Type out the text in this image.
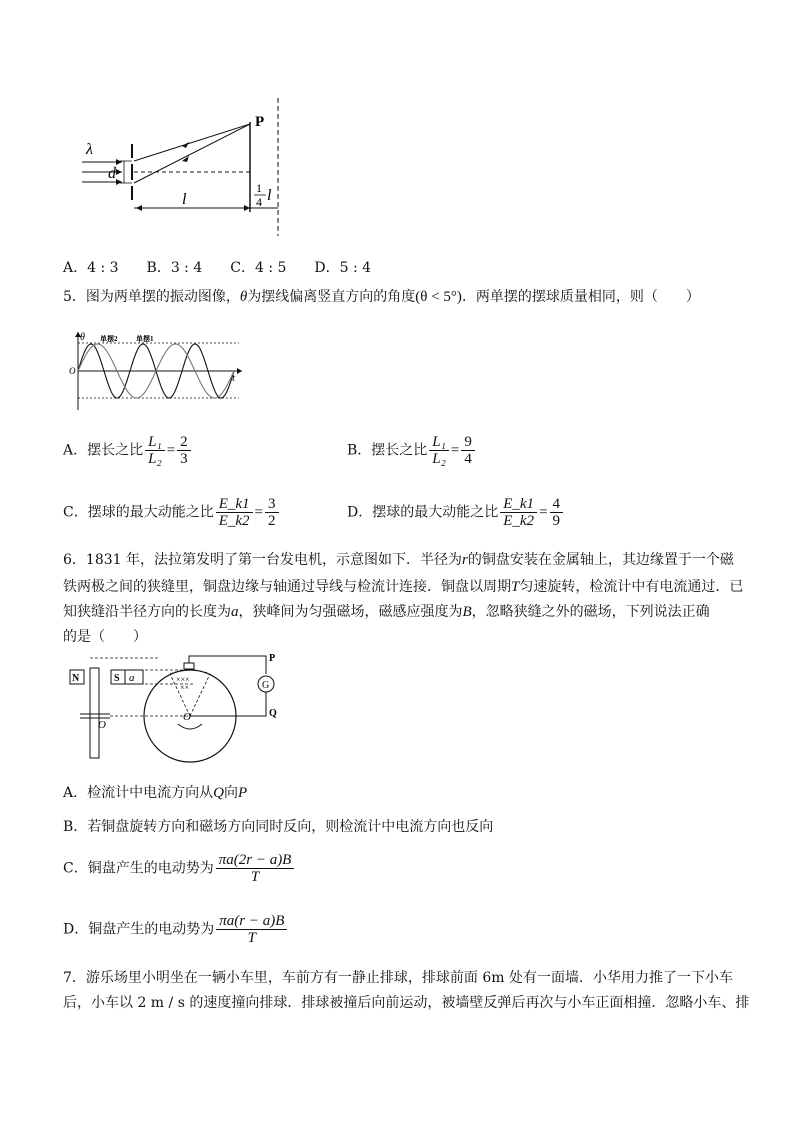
λ
d
P
l
1
4 l
A．4 : 3　　B．3 : 4　　C．4 : 5　　D．5 : 4
5．图为两单摆的振动图像，θ为摆线偏离竖直方向的角度(θ < 5°)．两单摆的摆球质量相同，则（　　）
θ
O
t
单摆2	单摆1
A．摆长之比 $\frac{\text{L₁}}{\text{L₂}} = \frac{2}{3}$	B．摆长之比 $\frac{\text{L₁}}{\text{L₂}} = \frac{9}{4}$
C．摆球的最大动能之比 $\frac{E\_k1}{E\_k2} = \frac{3}{2}$	D．摆球的最大动能之比 $\frac{E\_k1}{E\_k2} = \frac{4}{9}$
6．1831 年，法拉第发明了第一台发电机，示意图如下．半径为r的铜盘安装在金属轴上，其边缘置于一个磁
铁两极之间的狭缝里，铜盘边缘与轴通过导线与检流计连接．铜盘以周期T匀速旋转，检流计中有电流通过．已
知狭缝沿半径方向的长度为a，狭峰间为匀强磁场，磁感应强度为B，忽略狭缝之外的磁场，下列说法正确
的是（　　）
N	S
O
a	×××
××
O
G
P
Q
A．检流计中电流方向从Q向P
B．若铜盘旋转方向和磁场方向同时反向，则检流计中电流方向也反向
C．铜盘产生的电动势为 $\frac{\pi a(2r - a)B}{T}$
D．铜盘产生的电动势为 $\frac{\pi a(r - a)B}{T}$
7．游乐场里小明坐在一辆小车里，车前方有一静止排球，排球前面 6m 处有一面墙．小华用力推了一下小车
后，小车以 2 m / s 的速度撞向排球．排球被撞后向前运动，被墙壁反弹后再次与小车正面相撞．忽略小车、排
